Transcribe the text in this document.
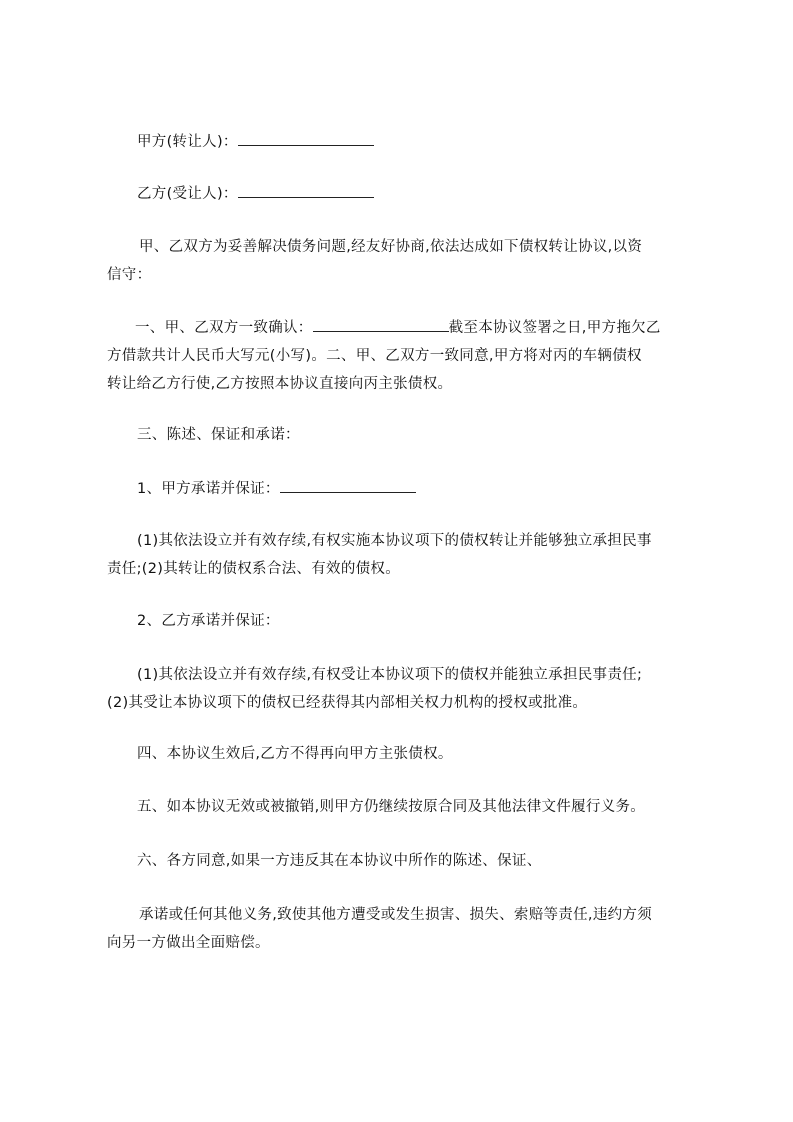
甲方(转让人)：
乙方(受让人)：
甲、乙双方为妥善解决债务问题,经友好协商,依法达成如下债权转让协议,以资
信守：
一、甲、乙双方一致确认：	截至本协议签署之日,甲方拖欠乙
方借款共计人民币大写元(小写)。二、甲、乙双方一致同意,甲方将对丙的车辆债权
转让给乙方行使,乙方按照本协议直接向丙主张债权。
三、陈述、保证和承诺：
1、甲方承诺并保证：
(1)其依法设立并有效存续,有权实施本协议项下的债权转让并能够独立承担民事
责任;(2)其转让的债权系合法、有效的债权。
2、乙方承诺并保证：
(1)其依法设立并有效存续,有权受让本协议项下的债权并能独立承担民事责任;
(2)其受让本协议项下的债权已经获得其内部相关权力机构的授权或批准。
四、本协议生效后,乙方不得再向甲方主张债权。
五、如本协议无效或被撤销,则甲方仍继续按原合同及其他法律文件履行义务。
六、各方同意,如果一方违反其在本协议中所作的陈述、保证、
承诺或任何其他义务,致使其他方遭受或发生损害、损失、索赔等责任,违约方须
向另一方做出全面赔偿。
